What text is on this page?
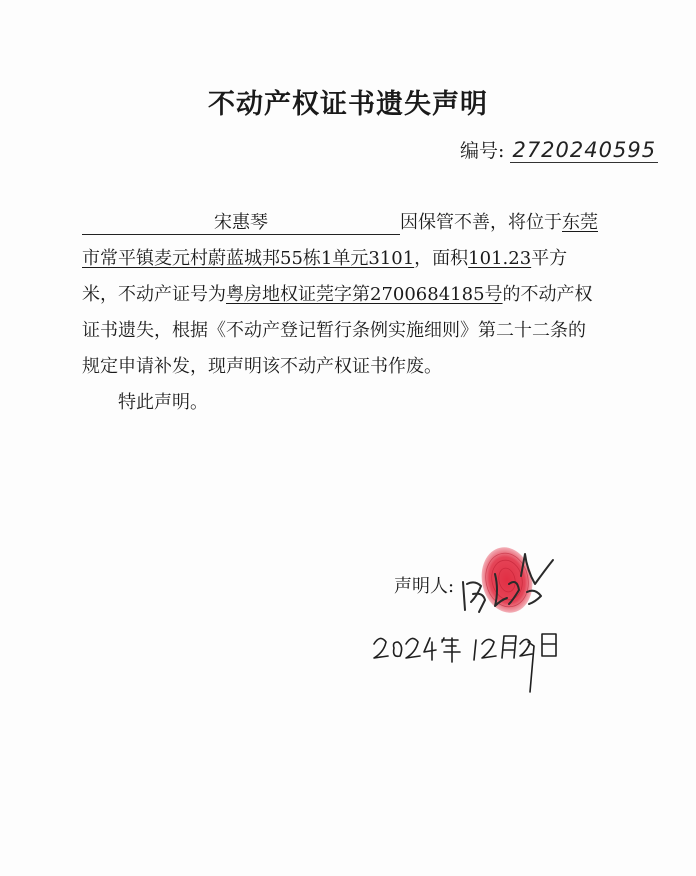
不动产权证书遗失声明
编号: 2720240595
宋惠琴	因保管不善，将位于东莞
市常平镇麦元村蔚蓝城邦55栋1单元3101，面积101.23平方
米，不动产证号为粤房地权证莞字第2700684185号的不动产权
证书遗失，根据《不动产登记暂行条例实施细则》第二十二条的
规定申请补发，现声明该不动产权证书作废。
特此声明。
声明人:
